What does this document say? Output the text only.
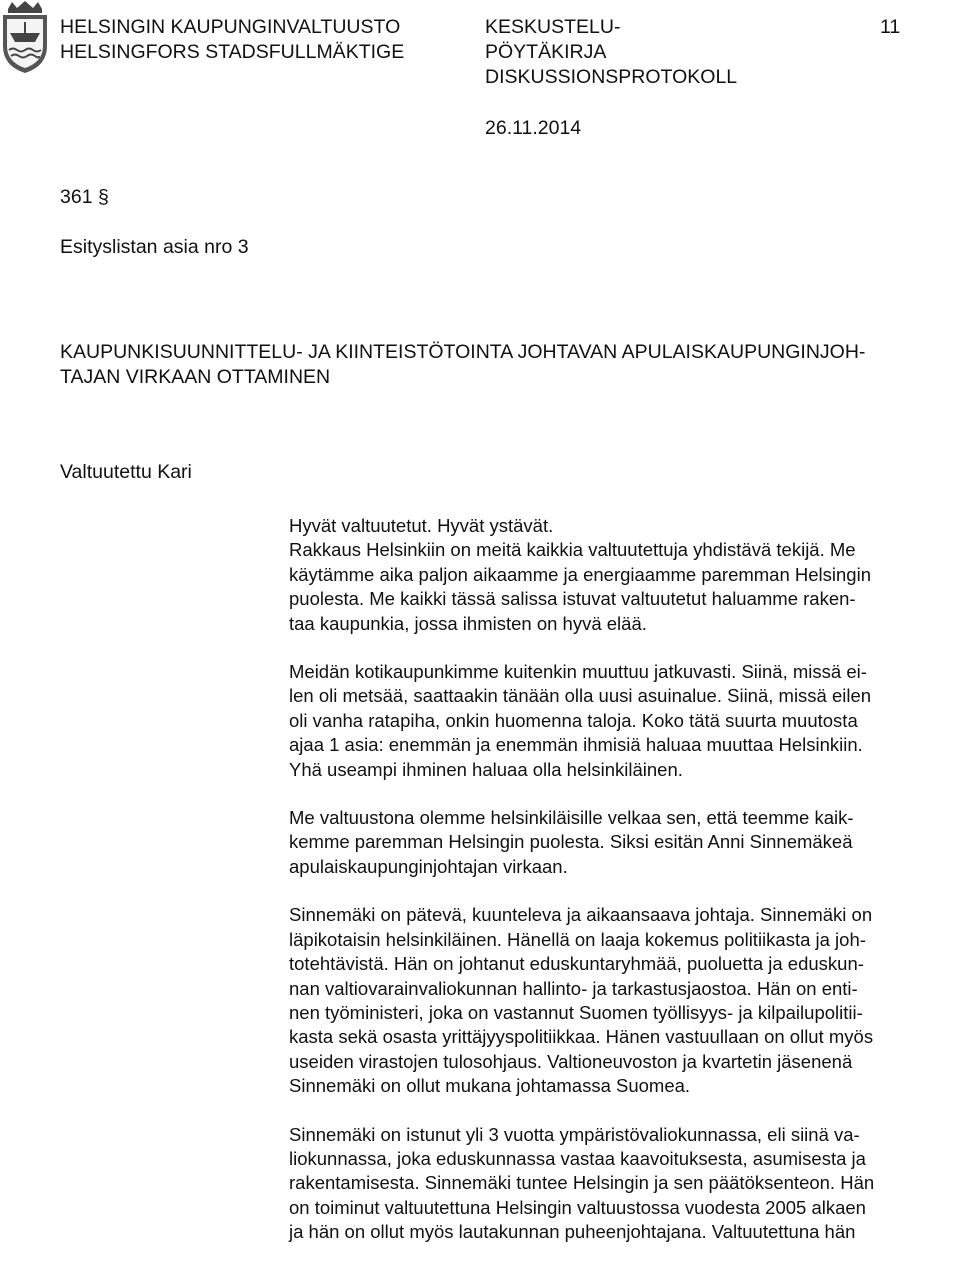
HELSINGIN KAUPUNGINVALTUUSTO
HELSINGFORS STADSFULLMÄKTIGE
KESKUSTELU-
PÖYTÄKIRJA
DISKUSSIONSPROTOKOLL
26.11.2014
11
361 §
Esityslistan asia nro 3
KAUPUNKISUUNNITTELU- JA KIINTEISTÖTOINTA JOHTAVAN APULAISKAUPUNGINJOH-
TAJAN VIRKAAN OTTAMINEN
Valtuutettu Kari

Hyvät valtuutetut. Hyvät ystävät.

Rakkaus Helsinkiin on meitä kaikkia valtuutettuja yhdistävä tekijä. Me
käytämme aika paljon aikaamme ja energiaamme paremman Helsingin
puolesta. Me kaikki tässä salissa istuvat valtuutetut haluamme raken-
taa kaupunkia, jossa ihmisten on hyvä elää.

Meidän kotikaupunkimme kuitenkin muuttuu jatkuvasti. Siinä, missä ei-
len oli metsää, saattaakin tänään olla uusi asuinalue. Siinä, missä eilen
oli vanha ratapiha, onkin huomenna taloja. Koko tätä suurta muutosta
ajaa 1 asia: enemmän ja enemmän ihmisiä haluaa muuttaa Helsinkiin.
Yhä useampi ihminen haluaa olla helsinkiläinen.

Me valtuustona olemme helsinkiläisille velkaa sen, että teemme kaik-
kemme paremman Helsingin puolesta. Siksi esitän Anni Sinnemäkeä
apulaiskaupunginjohtajan virkaan.

Sinnemäki on pätevä, kuunteleva ja aikaansaava johtaja. Sinnemäki on
läpikotaisin helsinkiläinen. Hänellä on laaja kokemus politiikasta ja joh-
totehtävistä. Hän on johtanut eduskuntaryhmää, puoluetta ja eduskun-
nan valtiovarainvaliokunnan hallinto- ja tarkastusjaostoa. Hän on enti-
nen työministeri, joka on vastannut Suomen työllisyys- ja kilpailupolitii-
kasta sekä osasta yrittäjyyspolitiikkaa. Hänen vastuullaan on ollut myös
useiden virastojen tulosohjaus. Valtioneuvoston ja kvartetin jäsenenä
Sinnemäki on ollut mukana johtamassa Suomea.

Sinnemäki on istunut yli 3 vuotta ympäristövaliokunnassa, eli siinä va-
liokunnassa, joka eduskunnassa vastaa kaavoituksesta, asumisesta ja
rakentamisesta. Sinnemäki tuntee Helsingin ja sen päätöksenteon. Hän
on toiminut valtuutettuna Helsingin valtuustossa vuodesta 2005 alkaen
ja hän on ollut myös lautakunnan puheenjohtajana. Valtuutettuna hän
